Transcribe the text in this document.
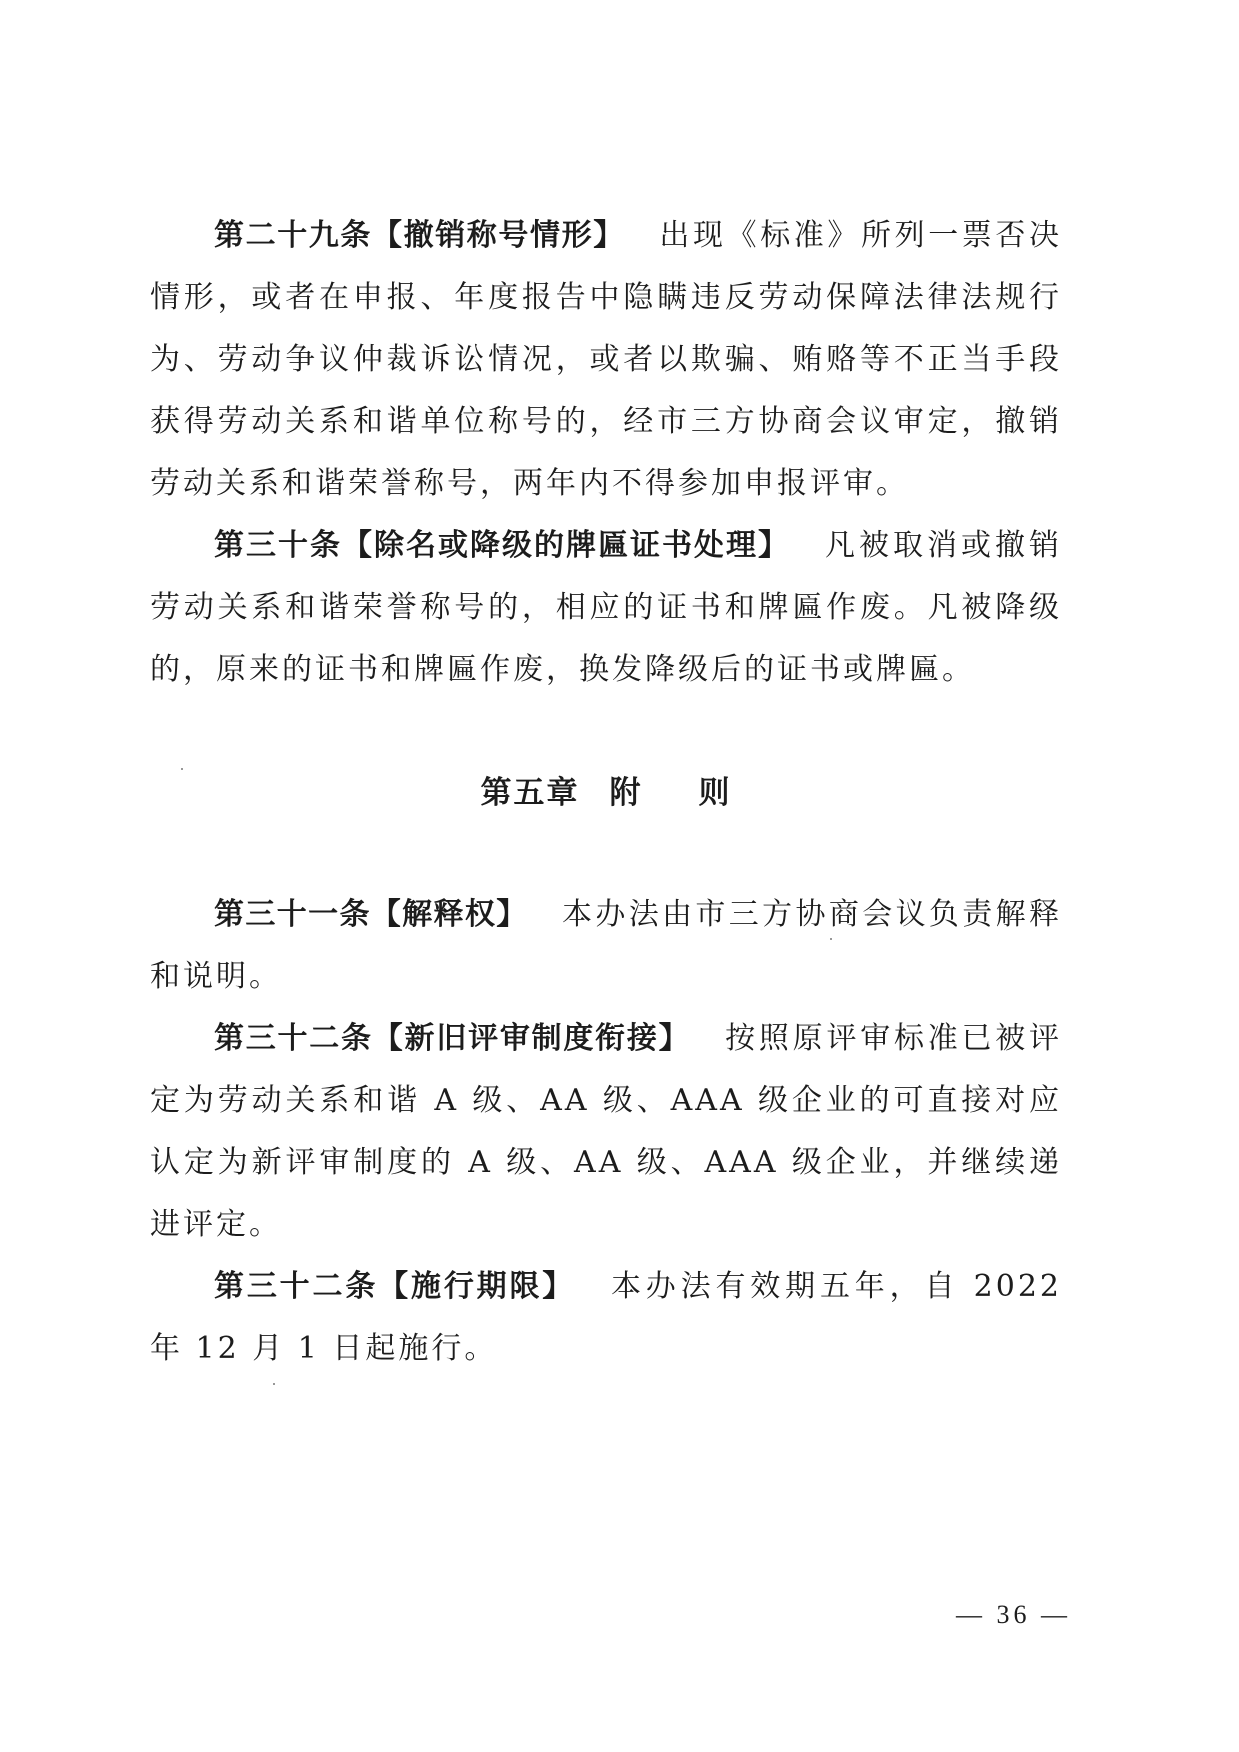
第二十九条【撤销称号情形】 出现《标准》所列一票否决情形，或者在申报、年度报告中隐瞒违反劳动保障法律法规行为、劳动争议仲裁诉讼情况，或者以欺骗、贿赂等不正当手段获得劳动关系和谐单位称号的，经市三方协商会议审定，撤销劳动关系和谐荣誉称号，两年内不得参加申报评审。

第三十条【除名或降级的牌匾证书处理】 凡被取消或撤销劳动关系和谐荣誉称号的，相应的证书和牌匾作废。凡被降级的，原来的证书和牌匾作废，换发降级后的证书或牌匾。

第五章 附 则

第三十一条【解释权】 本办法由市三方协商会议负责解释和说明。

第三十二条【新旧评审制度衔接】 按照原评审标准已被评定为劳动关系和谐 A 级、AA 级、AAA 级企业的可直接对应认定为新评审制度的 A 级、AA 级、AAA 级企业，并继续递进评定。

第三十二条【施行期限】 本办法有效期五年，自 2022 年 12 月 1 日起施行。

— 36 —
